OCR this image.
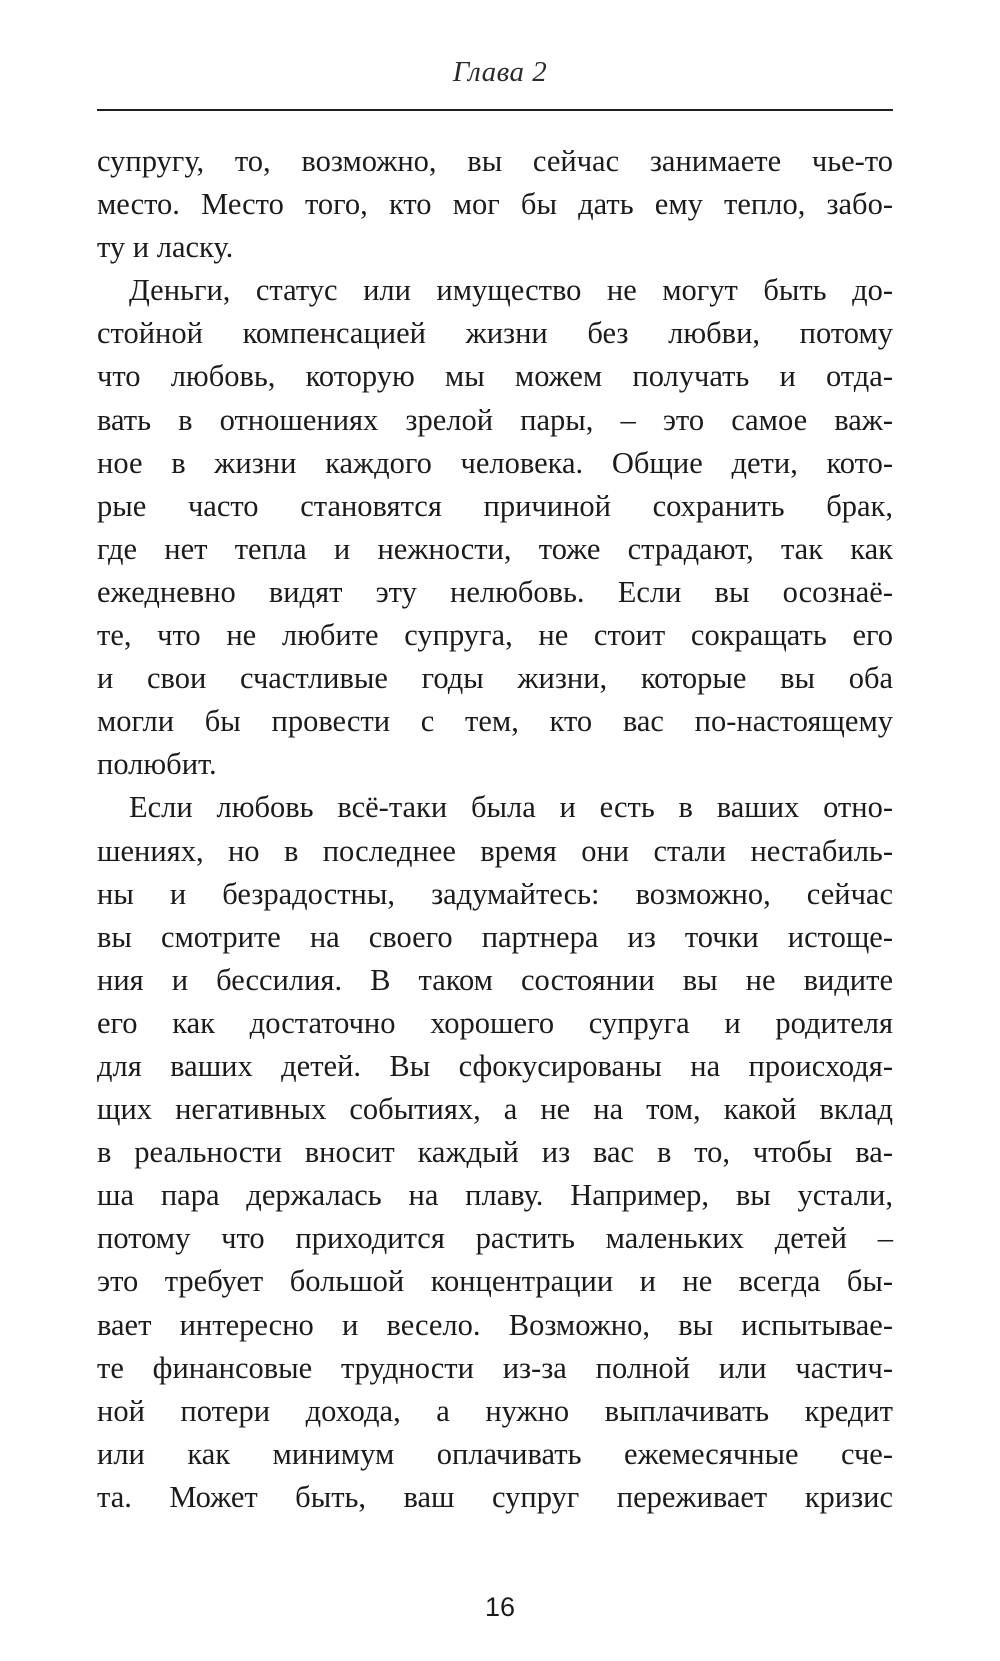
Глава 2
супругу, то, возможно, вы сейчас занимаете чье-то
место. Место того, кто мог бы дать ему тепло, забо-
ту и ласку.
Деньги, статус или имущество не могут быть до-
стойной компенсацией жизни без любви, потому
что любовь, которую мы можем получать и отда-
вать в отношениях зрелой пары, – это самое важ-
ное в жизни каждого человека. Общие дети, кото-
рые часто становятся причиной сохранить брак,
где нет тепла и нежности, тоже страдают, так как
ежедневно видят эту нелюбовь. Если вы осознаё-
те, что не любите супруга, не стоит сокращать его
и свои счастливые годы жизни, которые вы оба
могли бы провести с тем, кто вас по-настоящему
полюбит.
Если любовь всё-таки была и есть в ваших отно-
шениях, но в последнее время они стали нестабиль-
ны и безрадостны, задумайтесь: возможно, сейчас
вы смотрите на своего партнера из точки истоще-
ния и бессилия. В таком состоянии вы не видите
его как достаточно хорошего супруга и родителя
для ваших детей. Вы сфокусированы на происходя-
щих негативных событиях, а не на том, какой вклад
в реальности вносит каждый из вас в то, чтобы ва-
ша пара держалась на плаву. Например, вы устали,
потому что приходится растить маленьких детей –
это требует большой концентрации и не всегда бы-
вает интересно и весело. Возможно, вы испытывае-
те финансовые трудности из-за полной или частич-
ной потери дохода, а нужно выплачивать кредит
или как минимум оплачивать ежемесячные сче-
та. Может быть, ваш супруг переживает кризис
16
